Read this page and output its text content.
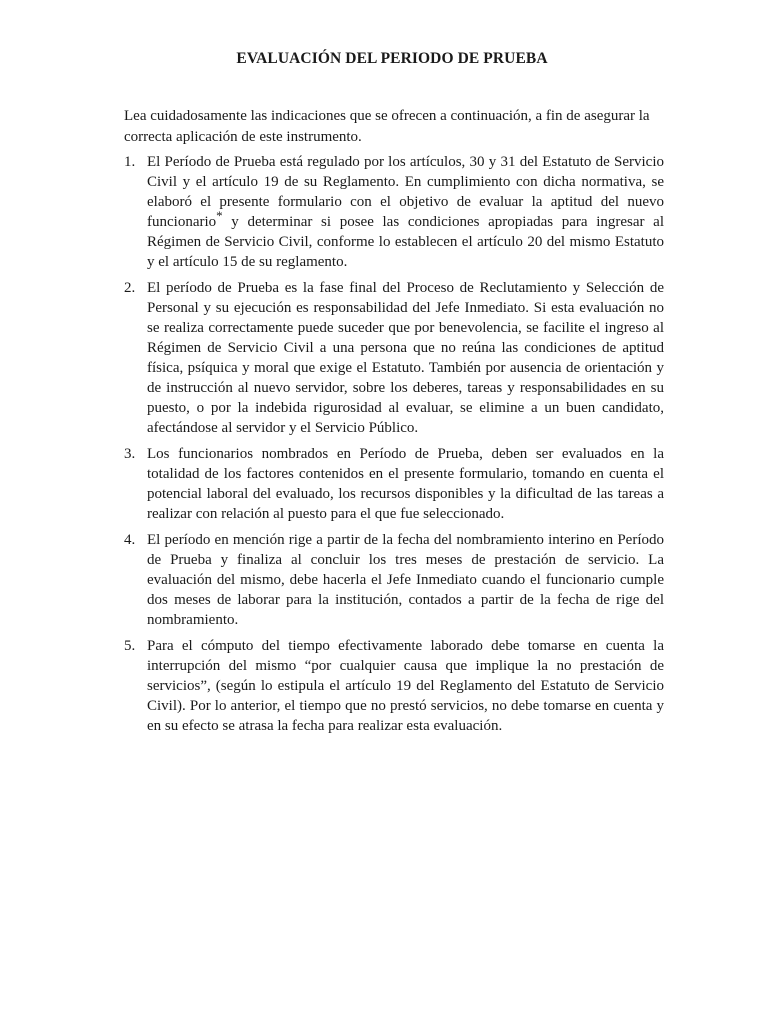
EVALUACIÓN DEL PERIODO DE PRUEBA

Lea cuidadosamente las indicaciones que se ofrecen a continuación, a fin de asegurar la correcta aplicación de este instrumento.

1. El Período de Prueba está regulado por los artículos, 30 y 31 del Estatuto de Servicio Civil y el artículo 19 de su Reglamento. En cumplimiento con dicha normativa, se elaboró el presente formulario con el objetivo de evaluar la aptitud del nuevo funcionario* y determinar si posee las condiciones apropiadas para ingresar al Régimen de Servicio Civil, conforme lo establecen el artículo 20 del mismo Estatuto y el artículo 15 de su reglamento.
2. El período de Prueba es la fase final del Proceso de Reclutamiento y Selección de Personal y su ejecución es responsabilidad del Jefe Inmediato. Si esta evaluación no se realiza correctamente puede suceder que por benevolencia, se facilite el ingreso al Régimen de Servicio Civil a una persona que no reúna las condiciones de aptitud física, psíquica y moral que exige el Estatuto. También por ausencia de orientación y de instrucción al nuevo servidor, sobre los deberes, tareas y responsabilidades en su puesto, o por la indebida rigurosidad al evaluar, se elimine a un buen candidato, afectándose al servidor y el Servicio Público.
3. Los funcionarios nombrados en Período de Prueba, deben ser evaluados en la totalidad de los factores contenidos en el presente formulario, tomando en cuenta el potencial laboral del evaluado, los recursos disponibles y la dificultad de las tareas a realizar con relación al puesto para el que fue seleccionado.
4. El período en mención rige a partir de la fecha del nombramiento interino en Período de Prueba y finaliza al concluir los tres meses de prestación de servicio. La evaluación del mismo, debe hacerla el Jefe Inmediato cuando el funcionario cumple dos meses de laborar para la institución, contados a partir de la fecha de rige del nombramiento.
5. Para el cómputo del tiempo efectivamente laborado debe tomarse en cuenta la interrupción del mismo “por cualquier causa que implique la no prestación de servicios”, (según lo estipula el artículo 19 del Reglamento del Estatuto de Servicio Civil). Por lo anterior, el tiempo que no prestó servicios, no debe tomarse en cuenta y en su efecto se atrasa la fecha para realizar esta evaluación.
